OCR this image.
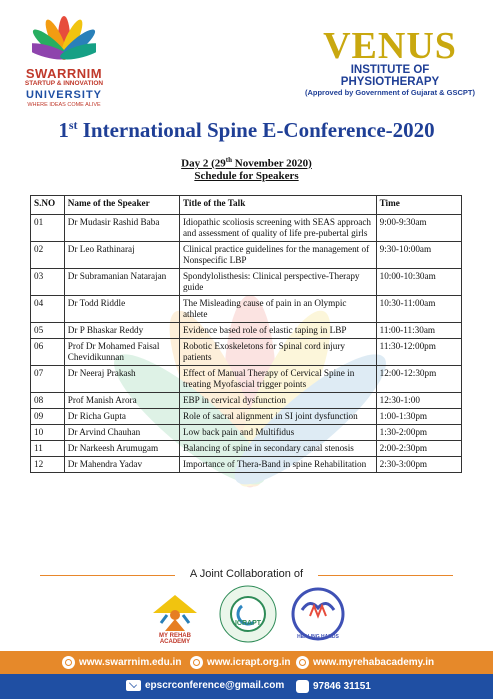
SWARRNIM
STARTUP & INNOVATION
UNIVERSITY
WHERE IDEAS COME ALIVE
VENUS
INSTITUTE OF PHYSIOTHERAPY
(Approved by Government of Gujarat & GSCPT)
1st International Spine E-Conference-2020
Day 2 (29th November 2020)
Schedule for Speakers
S.NO	Name of the Speaker	Title of the Talk	Time
01	Dr Mudasir Rashid Baba	Idiopathic scoliosis screening with SEAS approach and assessment of quality of life pre-pubertal girls	9:00-9:30am
02	Dr Leo Rathinaraj	Clinical practice guidelines for the management of Nonspecific LBP	9:30-10:00am
03	Dr Subramanian Natarajan	Spondylolisthesis: Clinical perspective-Therapy guide	10:00-10:30am
04	Dr Todd Riddle	The Misleading cause of pain in an Olympic athlete	10:30-11:00am
05	Dr P Bhaskar Reddy	Evidence based role of elastic taping in LBP	11:00-11:30am
06	Prof Dr Mohamed Faisal Chevidikunnan	Robotic Exoskeletons for Spinal cord injury patients	11:30-12:00pm
07	Dr Neeraj Prakash	Effect of Manual Therapy of Cervical Spine in treating Myofascial trigger points	12:00-12:30pm
08	Prof Manish Arora	EBP in cervical dysfunction	12:30-1:00
09	Dr Richa Gupta	Role of sacral alignment in SI joint dysfunction	1:00-1:30pm
10	Dr Arvind Chauhan	Low back pain and Multifidus	1:30-2:00pm
11	Dr Narkeesh Arumugam	Balancing of spine in secondary canal stenosis	2:00-2:30pm
12	Dr Mahendra Yadav	Importance of Thera-Band in spine Rehabilitation	2:30-3:00pm
A Joint Collaboration of
MY REHAB ACADEMY
ICRAPT
HEALING HANDS
www.swarrnim.edu.in	www.icrapt.org.in www.myrehabacademy.in
epscrconference@gmail.com	97846 31151
